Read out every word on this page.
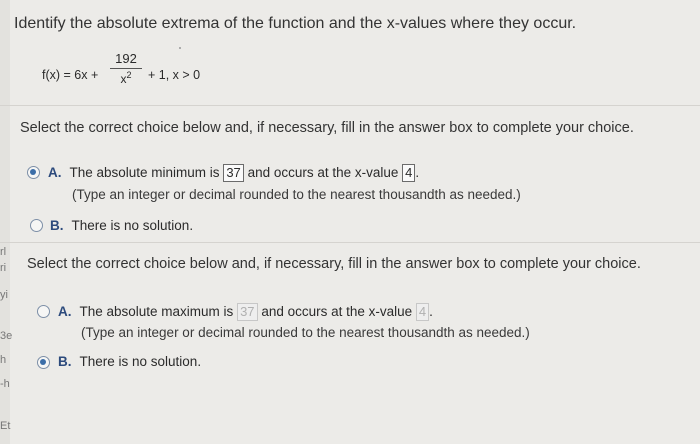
rl
ri
yi
3e
h
-h
Et
Identify the absolute extrema of the function and the x-values where they occur.
f(x) = 6x +
192
$x^2$	+ 1, x > 0
Select the correct choice below and, if necessary, fill in the answer box to complete your choice.
A. The absolute minimum is 37 and occurs at the x-value 4 .
(Type an integer or decimal rounded to the nearest thousandth as needed.)
B. There is no solution.
Select the correct choice below and, if necessary, fill in the answer box to complete your choice.
A. The absolute maximum is 37 and occurs at the x-value 4 .
(Type an integer or decimal rounded to the nearest thousandth as needed.)
B. There is no solution.
